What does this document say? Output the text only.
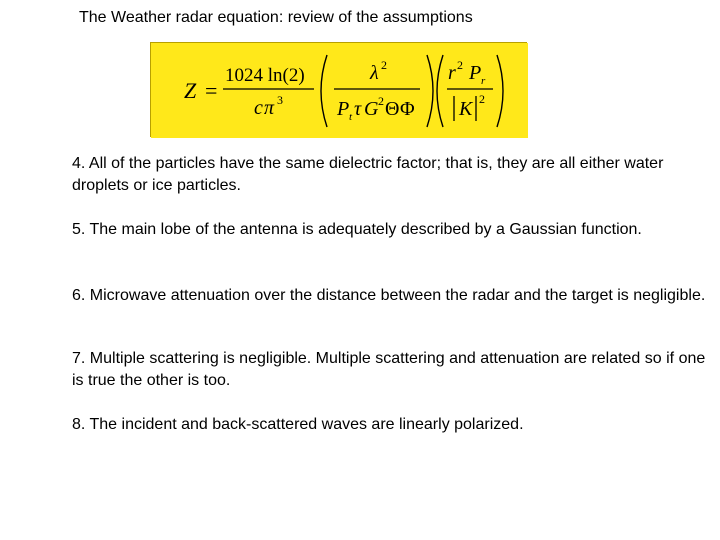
The Weather radar equation: review of the assumptions
Z =
1024 ln(2)
c π 3
λ 2
P t τ G 2 Θ Φ
r 2 P r
K 2
4. All of the particles have the same dielectric factor; that is, they are all either water droplets or ice particles.
5. The main lobe of the antenna is adequately described by a Gaussian function.
6. Microwave attenuation over the distance between the radar and the target is negligible.
7. Multiple scattering is negligible. Multiple scattering and attenuation are related so if one is true the other is too.
8. The incident and back-scattered waves are linearly polarized.
